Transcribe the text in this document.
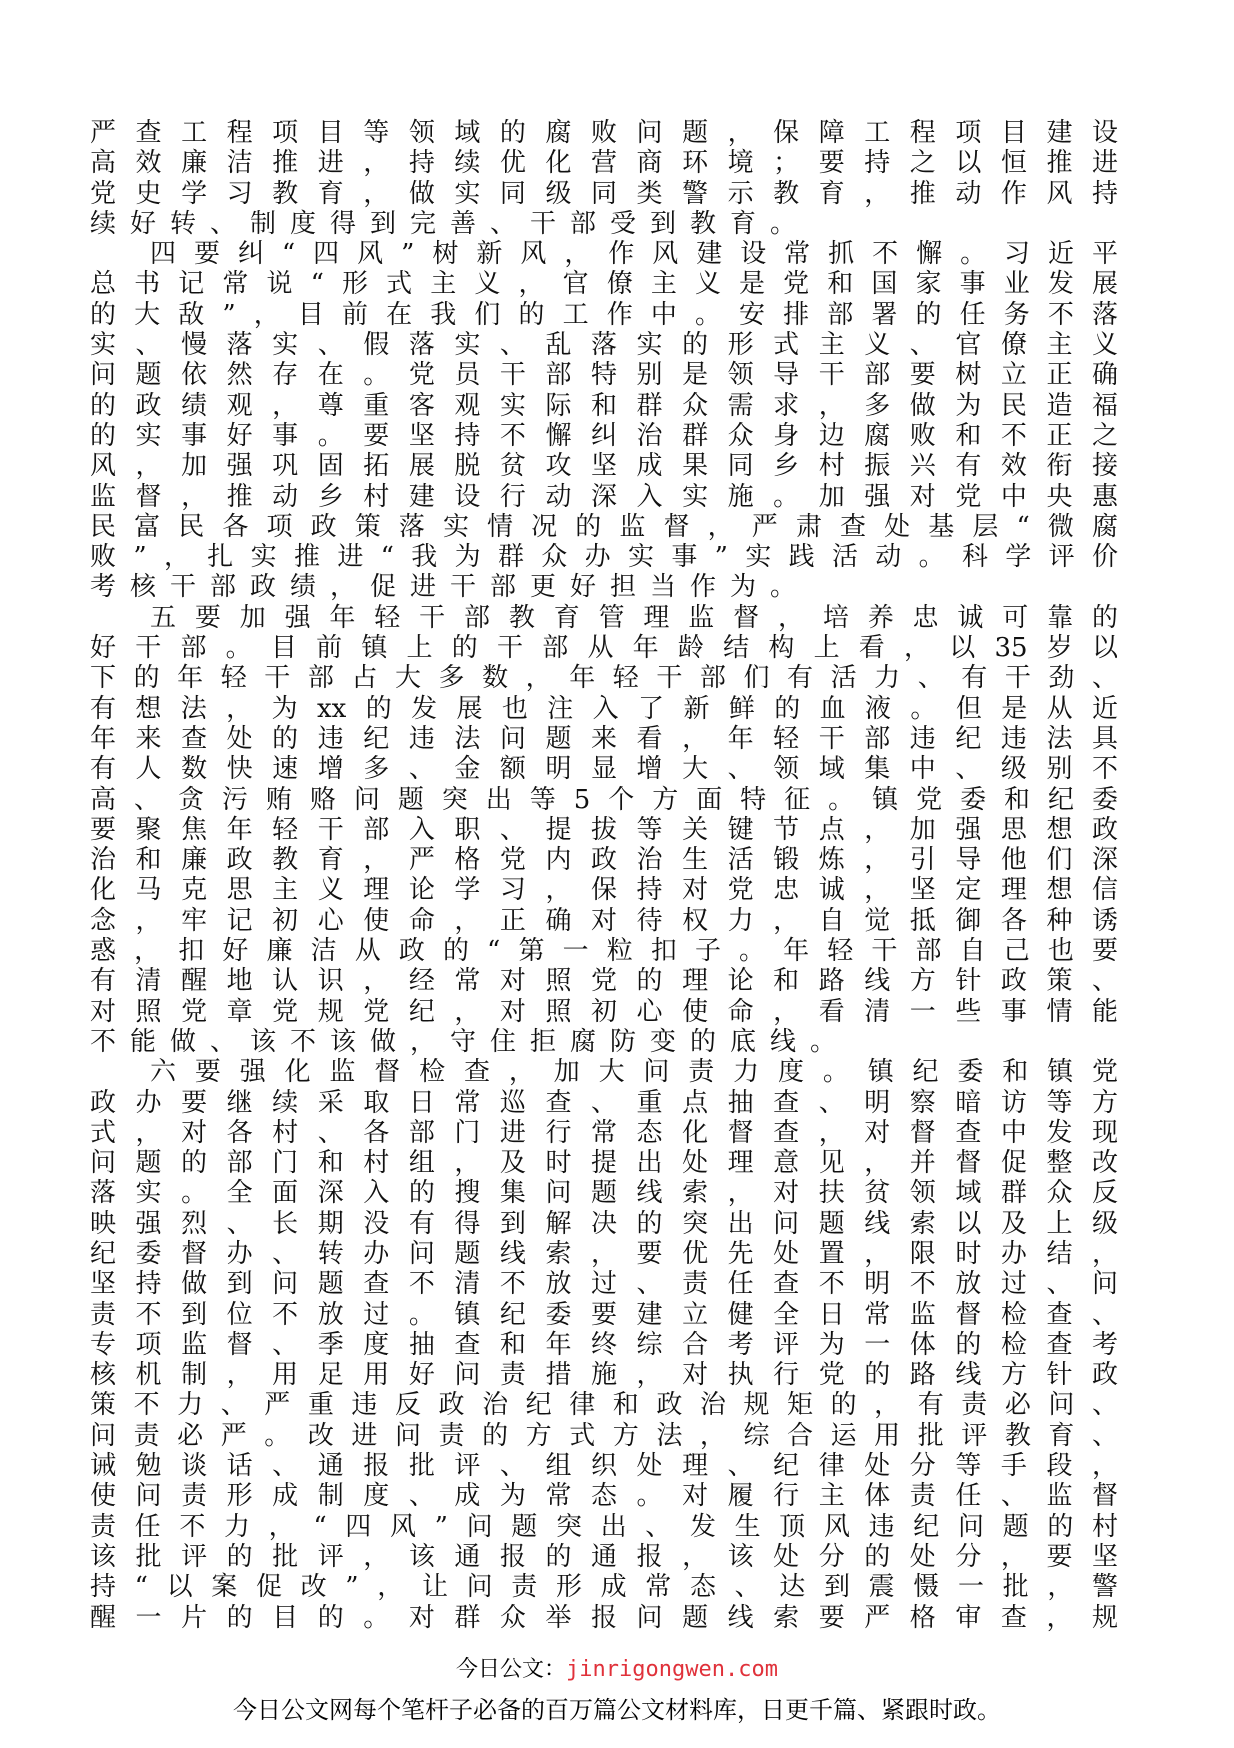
严查工程项目等领域的腐败问题，保障工程项目建设
高效廉洁推进，持续优化营商环境；要持之以恒推进
党史学习教育，做实同级同类警示教育，推动作风持
续好转、制度得到完善、干部受到教育。
四要纠“四风”树新风，作风建设常抓不懈。习近平
总书记常说“形式主义，官僚主义是党和国家事业发展
的大敌”，目前在我们的工作中。安排部署的任务不落
实、慢落实、假落实、乱落实的形式主义、官僚主义
问题依然存在。党员干部特别是领导干部要树立正确
的政绩观，尊重客观实际和群众需求，多做为民造福
的实事好事。要坚持不懈纠治群众身边腐败和不正之
风，加强巩固拓展脱贫攻坚成果同乡村振兴有效衔接
监督，推动乡村建设行动深入实施。加强对党中央惠
民富民各项政策落实情况的监督，严肃查处基层“微腐
败”，扎实推进“我为群众办实事”实践活动。科学评价
考核干部政绩，促进干部更好担当作为。
五要加强年轻干部教育管理监督，培养忠诚可靠的
好干部。目前镇上的干部从年龄结构上看，以35岁以
下的年轻干部占大多数，年轻干部们有活力、有干劲、
有想法，为xx的发展也注入了新鲜的血液。但是从近
年来查处的违纪违法问题来看，年轻干部违纪违法具
有人数快速增多、金额明显增大、领域集中、级别不
高、贪污贿赂问题突出等5个方面特征。镇党委和纪委
要聚焦年轻干部入职、提拔等关键节点，加强思想政
治和廉政教育，严格党内政治生活锻炼，引导他们深
化马克思主义理论学习，保持对党忠诚，坚定理想信
念，牢记初心使命，正确对待权力，自觉抵御各种诱
惑，扣好廉洁从政的“第一粒扣子。年轻干部自己也要
有清醒地认识，经常对照党的理论和路线方针政策、
对照党章党规党纪，对照初心使命，看清一些事情能
不能做、该不该做，守住拒腐防变的底线。
六要强化监督检查，加大问责力度。镇纪委和镇党
政办要继续采取日常巡查、重点抽查、明察暗访等方
式，对各村、各部门进行常态化督查，对督查中发现
问题的部门和村组，及时提出处理意见，并督促整改
落实。全面深入的搜集问题线索，对扶贫领域群众反
映强烈、长期没有得到解决的突出问题线索以及上级
纪委督办、转办问题线索，要优先处置，限时办结，
坚持做到问题查不清不放过、责任查不明不放过、问
责不到位不放过。镇纪委要建立健全日常监督检查、
专项监督、季度抽查和年终综合考评为一体的检查考
核机制，用足用好问责措施，对执行党的路线方针政
策不力、严重违反政治纪律和政治规矩的，有责必问、
问责必严。改进问责的方式方法，综合运用批评教育、
诫勉谈话、通报批评、组织处理、纪律处分等手段，
使问责形成制度、成为常态。对履行主体责任、监督
责任不力，“四风”问题突出、发生顶风违纪问题的村
该批评的批评，该通报的通报，该处分的处分，要坚
持“以案促改”，让问责形成常态、达到震慑一批，警
醒一片的目的。对群众举报问题线索要严格审查，规
今日公文：jinrigongwen.com
今日公文网每个笔杆子必备的百万篇公文材料库，日更千篇、紧跟时政。
